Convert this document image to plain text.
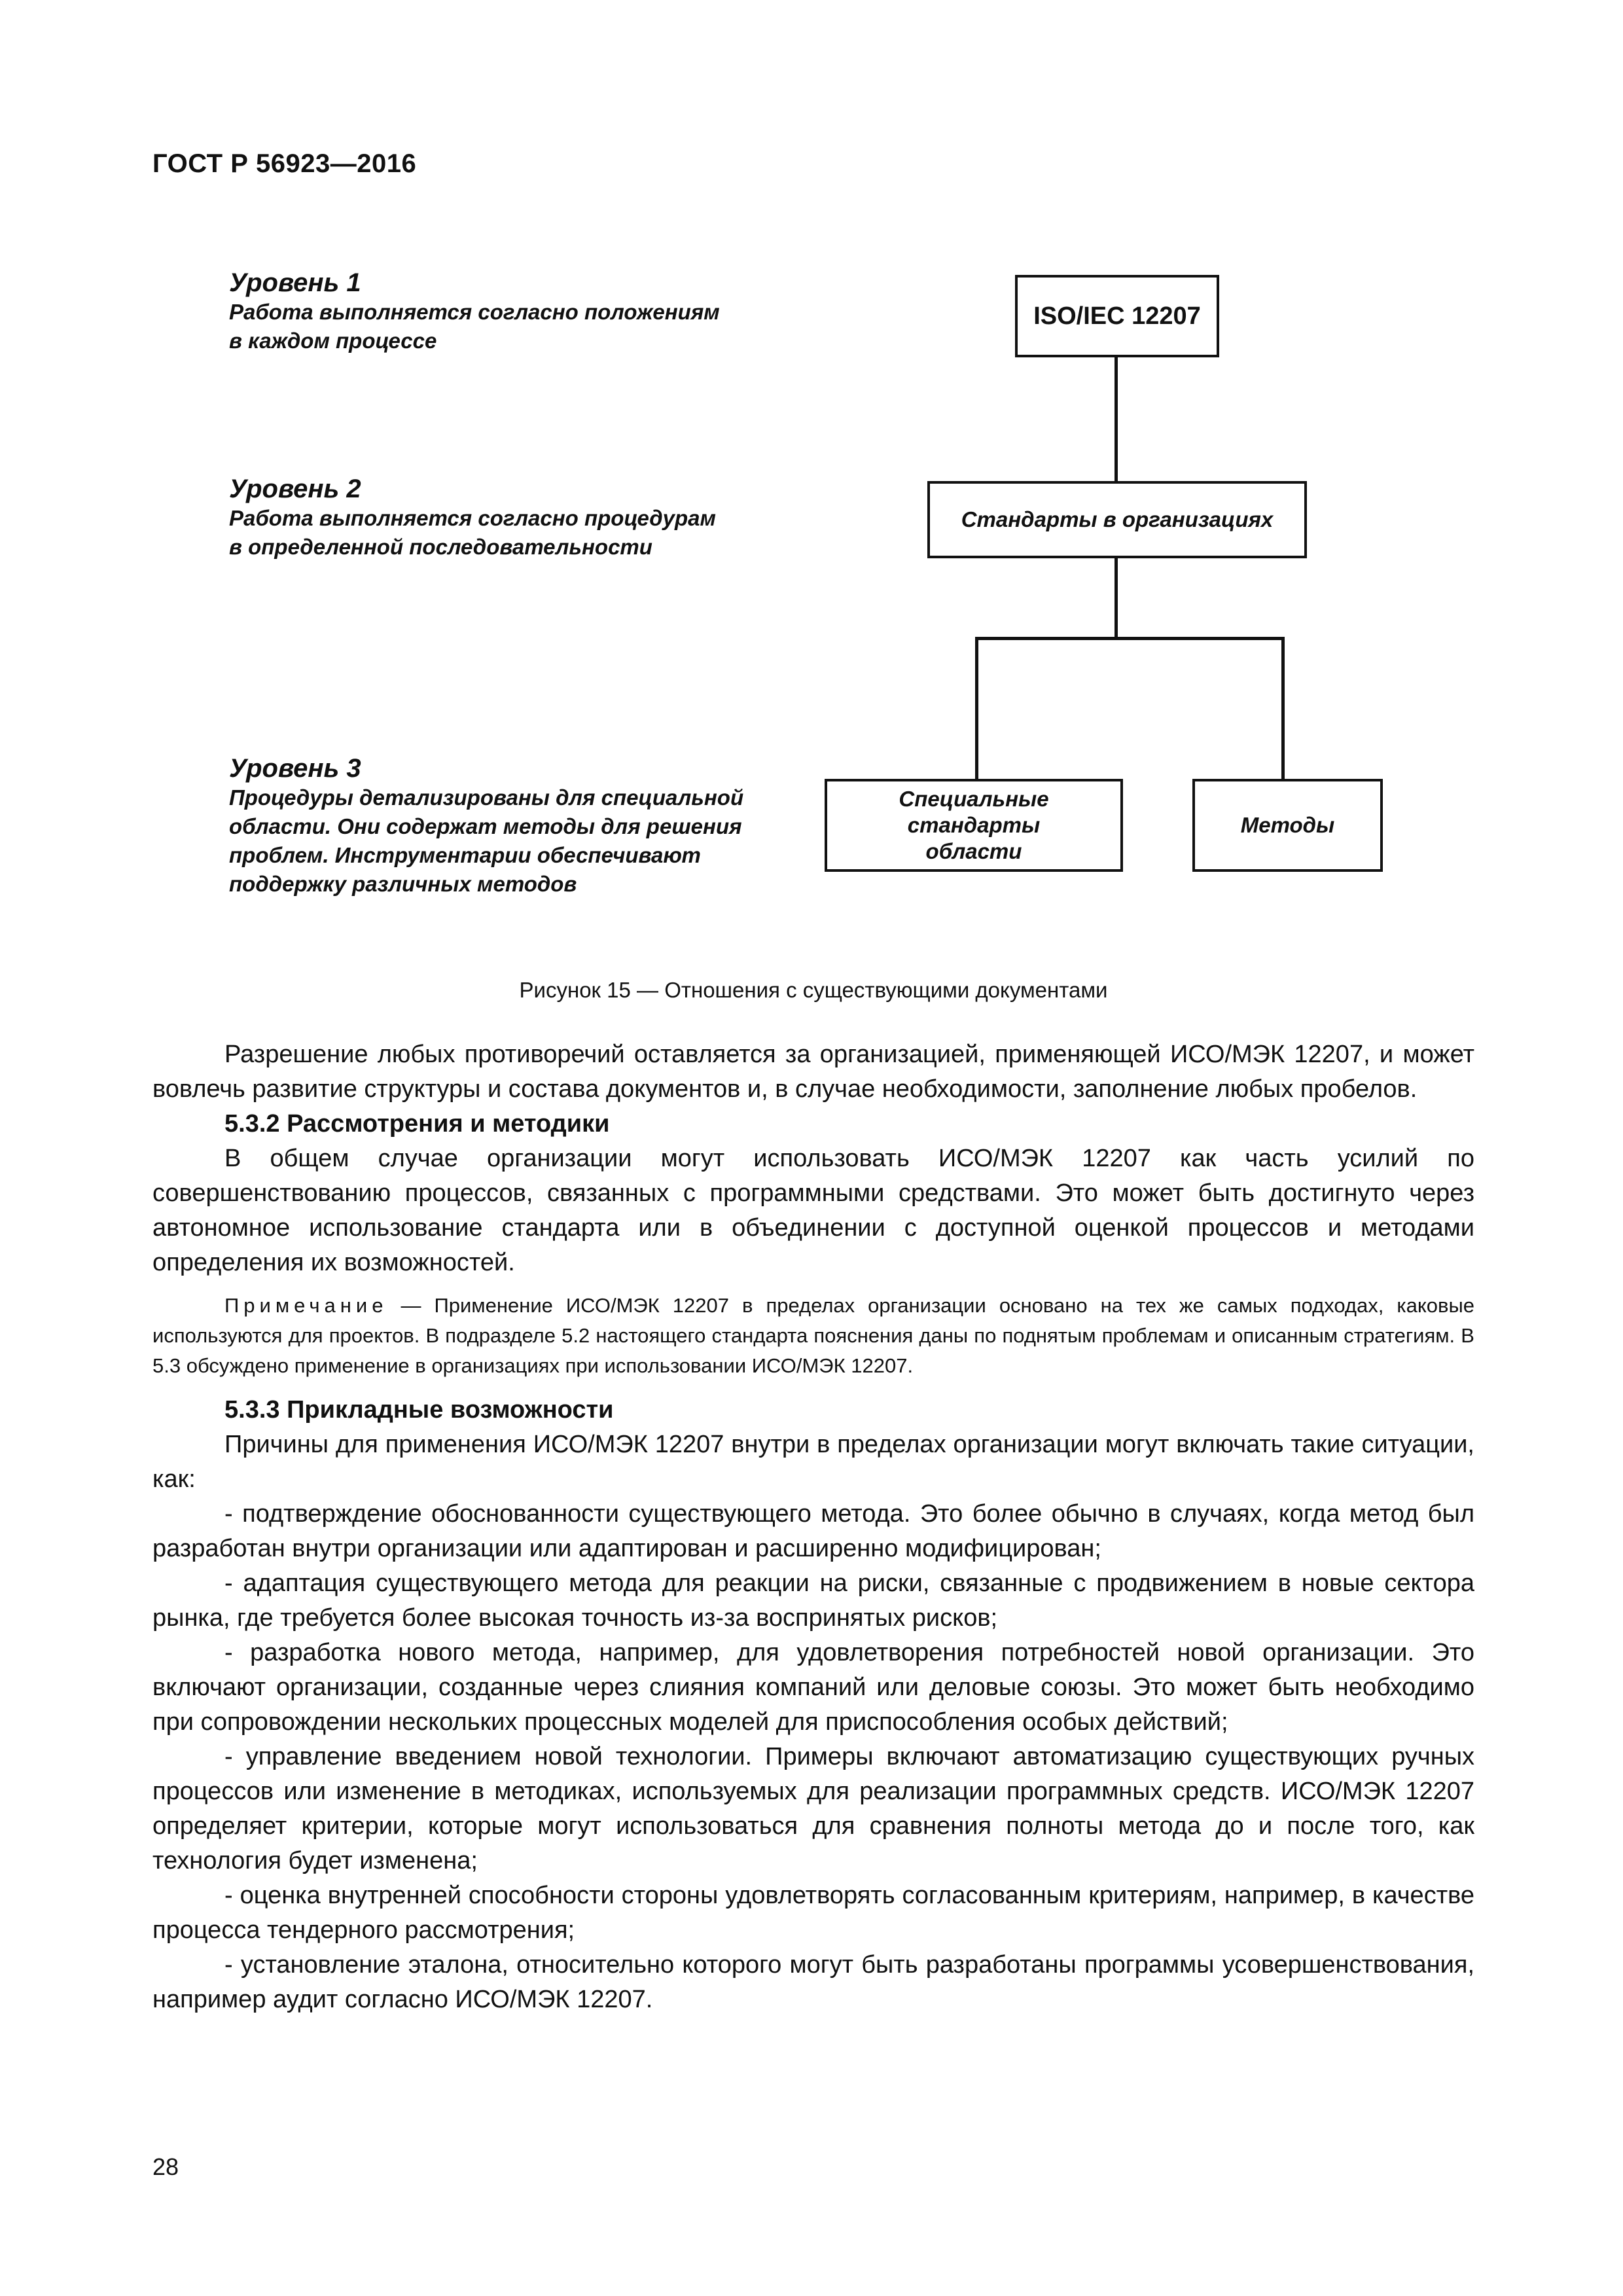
ГОСТ Р 56923—2016
Уровень 1
Работа выполняется согласно положениям
в каждом процессе
Уровень 2
Работа выполняется согласно процедурам
в определенной последовательности
Уровень 3
Процедуры детализированы для специальной
области. Они содержат методы для решения
проблем. Инструментарии обеспечивают
поддержку различных методов
ISO/IEC 12207
Стандарты в организациях
Специальные
стандарты
области
Методы
Рисунок 15 — Отношения с существующими документами

Разрешение любых противоречий оставляется за организацией, применяющей ИСО/МЭК 12207, и может вовлечь развитие структуры и состава документов и, в случае необходимости, заполнение любых пробелов.

5.3.2 Рассмотрения и методики

В общем случае организации могут использовать ИСО/МЭК 12207 как часть усилий по совершенствованию процессов, связанных с программными средствами. Это может быть достигнуто через автономное использование стандарта или в объединении с доступной оценкой процессов и методами определения их возможностей.

Примечание — Применение ИСО/МЭК 12207 в пределах организации основано на тех же самых подходах, каковые используются для проектов. В подразделе 5.2 настоящего стандарта пояснения даны по поднятым проблемам и описанным стратегиям. В 5.3 обсуждено применение в организациях при использовании ИСО/МЭК 12207.

5.3.3 Прикладные возможности

Причины для применения ИСО/МЭК 12207 внутри в пределах организации могут включать такие ситуации, как:

- подтверждение обоснованности существующего метода. Это более обычно в случаях, когда метод был разработан внутри организации или адаптирован и расширенно модифицирован;

- адаптация существующего метода для реакции на риски, связанные с продвижением в новые сектора рынка, где требуется более высокая точность из-за воспринятых рисков;

- разработка нового метода, например, для удовлетворения потребностей новой организации. Это включают организации, созданные через слияния компаний или деловые союзы. Это может быть необходимо при сопровождении нескольких процессных моделей для приспособления особых действий;

- управление введением новой технологии. Примеры включают автоматизацию существующих ручных процессов или изменение в методиках, используемых для реализации программных средств. ИСО/МЭК 12207 определяет критерии, которые могут использоваться для сравнения полноты метода до и после того, как технология будет изменена;

- оценка внутренней способности стороны удовлетворять согласованным критериям, например, в качестве процесса тендерного рассмотрения;

- установление эталона, относительно которого могут быть разработаны программы усовершенствования, например аудит согласно ИСО/МЭК 12207.

28
